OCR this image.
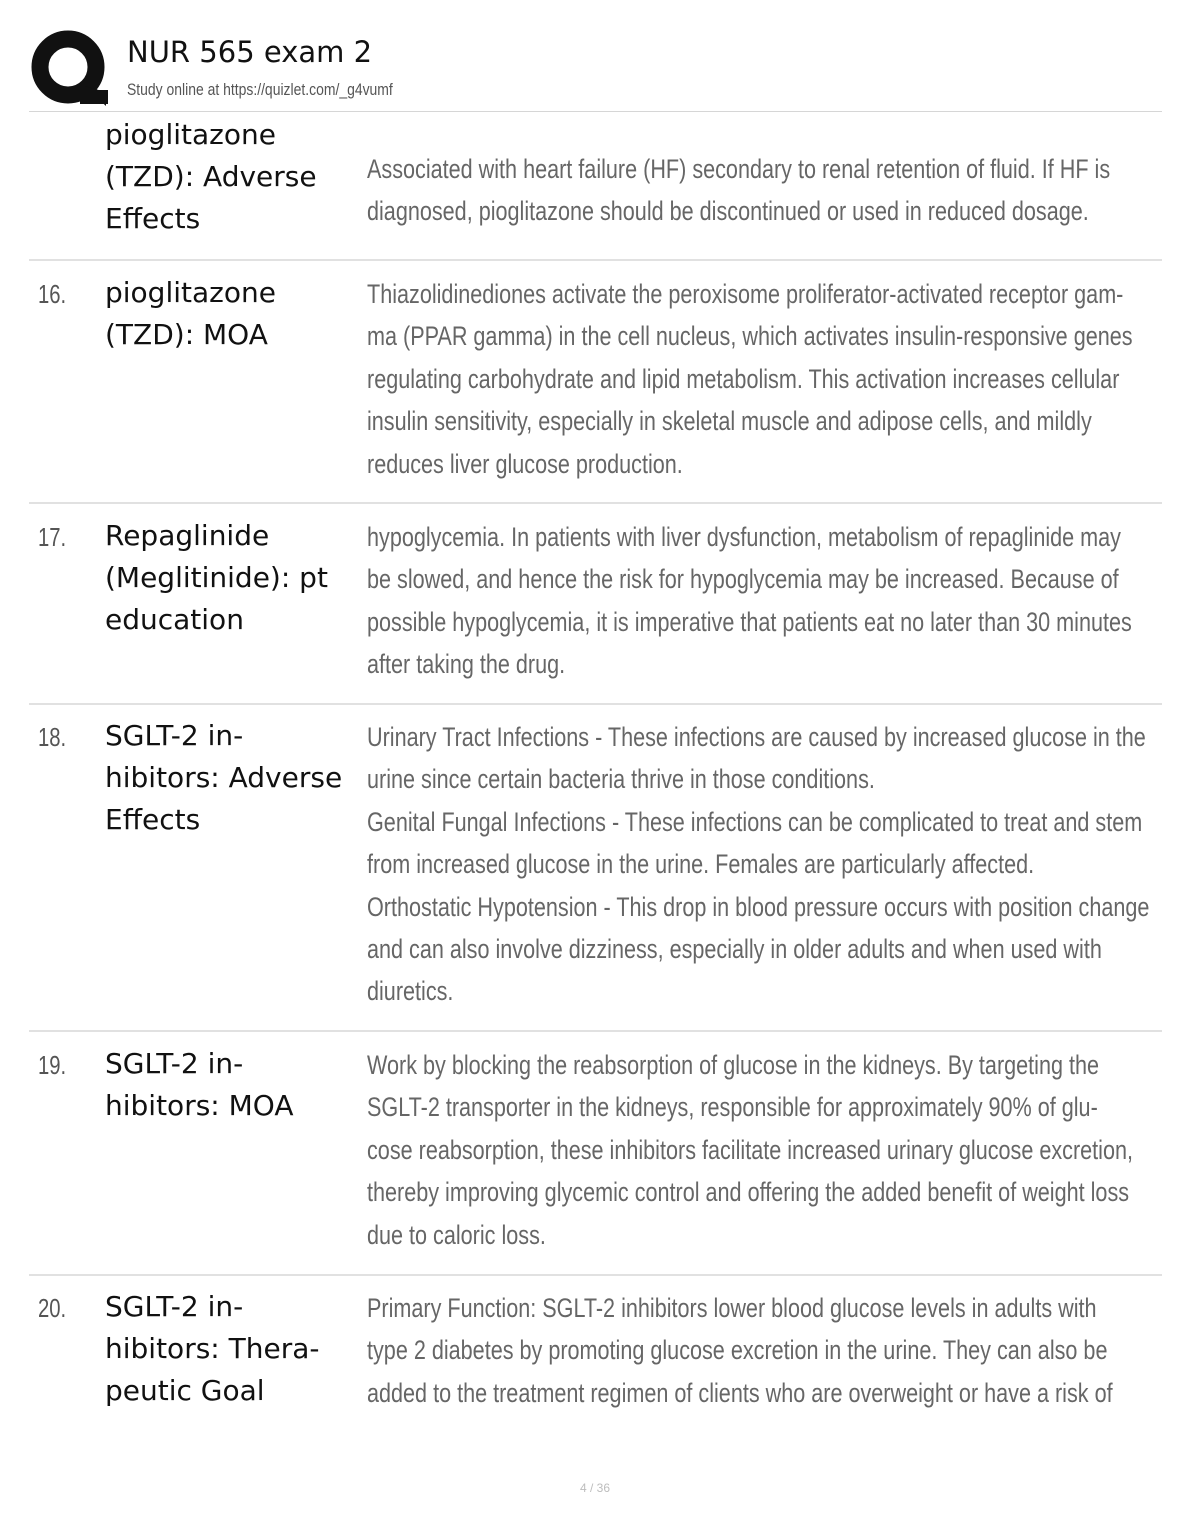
NUR 565 exam 2
Study online at https://quizlet.com/_g4vumf
pioglitazone
(TZD): Adverse
Effects
Associated with heart failure (HF) secondary to renal retention of fluid. If HF is
diagnosed, pioglitazone should be discontinued or used in reduced dosage.
16. pioglitazone
(TZD): MOA
Thiazolidinediones activate the peroxisome proliferator-activated receptor gam-
ma (PPAR gamma) in the cell nucleus, which activates insulin-responsive genes
regulating carbohydrate and lipid metabolism. This activation increases cellular
insulin sensitivity, especially in skeletal muscle and adipose cells, and mildly
reduces liver glucose production.
17. Repaglinide
(Meglitinide): pt
education
hypoglycemia. In patients with liver dysfunction, metabolism of repaglinide may
be slowed, and hence the risk for hypoglycemia may be increased. Because of
possible hypoglycemia, it is imperative that patients eat no later than 30 minutes
after taking the drug.
18. SGLT-2 in-
hibitors: Adverse
Effects
Urinary Tract Infections - These infections are caused by increased glucose in the
urine since certain bacteria thrive in those conditions.
Genital Fungal Infections - These infections can be complicated to treat and stem
from increased glucose in the urine. Females are particularly affected.
Orthostatic Hypotension - This drop in blood pressure occurs with position change
and can also involve dizziness, especially in older adults and when used with
diuretics.
19. SGLT-2 in-
hibitors: MOA
Work by blocking the reabsorption of glucose in the kidneys. By targeting the
SGLT-2 transporter in the kidneys, responsible for approximately 90% of glu-
cose reabsorption, these inhibitors facilitate increased urinary glucose excretion,
thereby improving glycemic control and offering the added benefit of weight loss
due to caloric loss.
20. SGLT-2 in-
hibitors: Thera-
peutic Goal
Primary Function: SGLT-2 inhibitors lower blood glucose levels in adults with
type 2 diabetes by promoting glucose excretion in the urine. They can also be
added to the treatment regimen of clients who are overweight or have a risk of
4 / 36
